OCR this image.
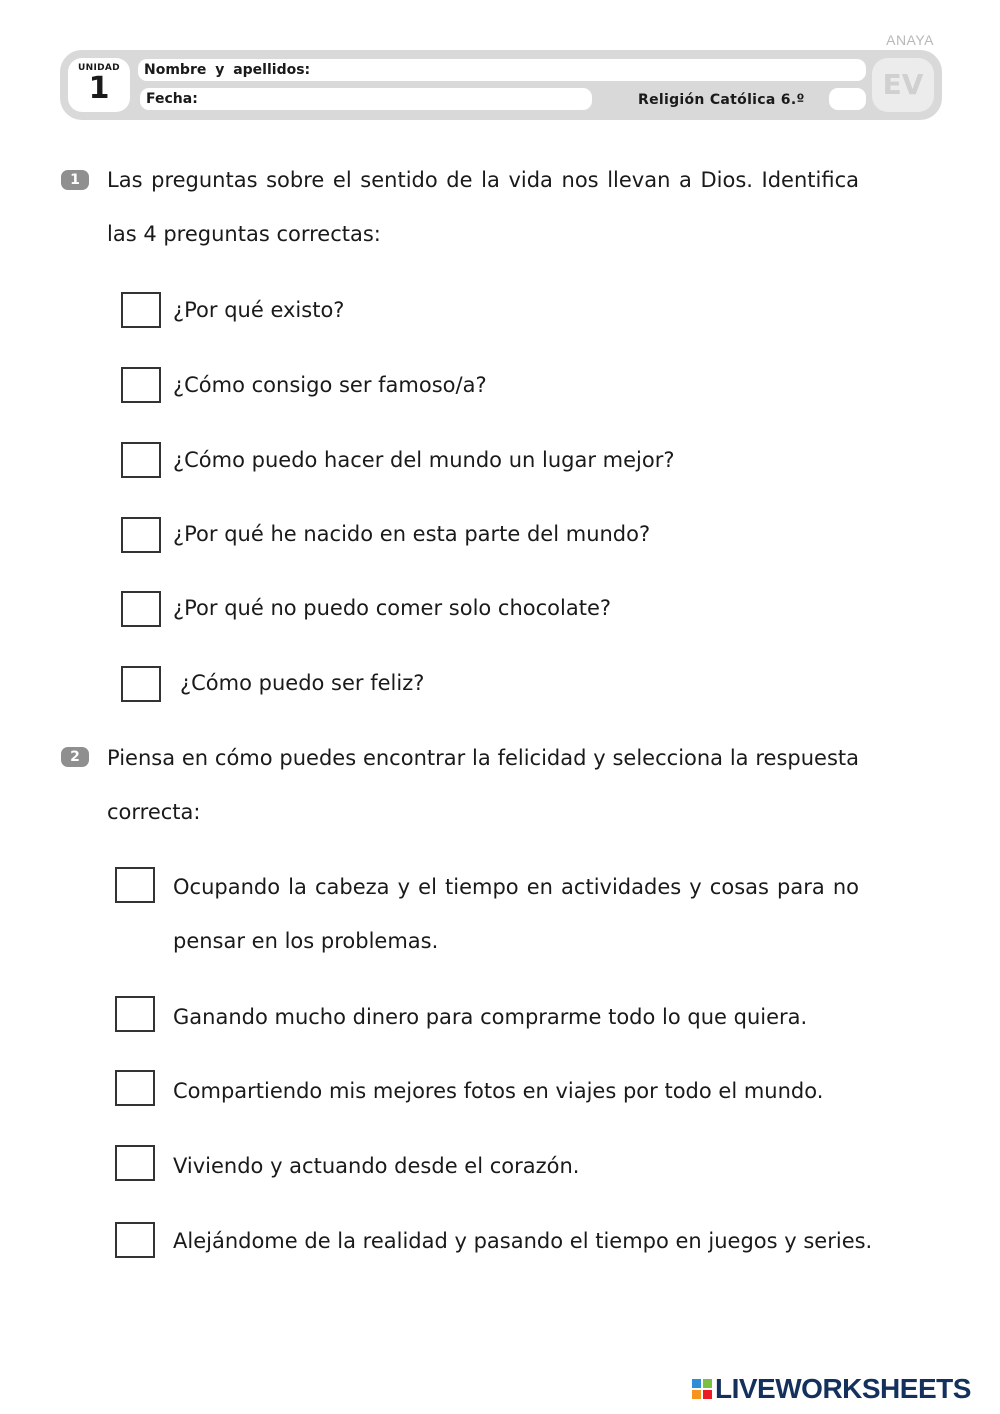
ANAYA
UNIDAD
1
Nombre y apellidos:
Fecha:	Religión Católica 6.º	EV
1	Las preguntas sobre el sentido de la vida nos llevan a Dios. Identifica las 4 preguntas correctas:
¿Por qué existo?
¿Cómo consigo ser famoso/a?
¿Cómo puedo hacer del mundo un lugar mejor?
¿Por qué he nacido en esta parte del mundo?
¿Por qué no puedo comer solo chocolate?
¿Cómo puedo ser feliz?
2	Piensa en cómo puedes encontrar la felicidad y selecciona la respuesta correcta:
Ocupando la cabeza y el tiempo en actividades y cosas para no pensar en los problemas.
Ganando mucho dinero para comprarme todo lo que quiera.
Compartiendo mis mejores fotos en viajes por todo el mundo.
Viviendo y actuando desde el corazón.
Alejándome de la realidad y pasando el tiempo en juegos y series.
LIVEWORKSHEETS
